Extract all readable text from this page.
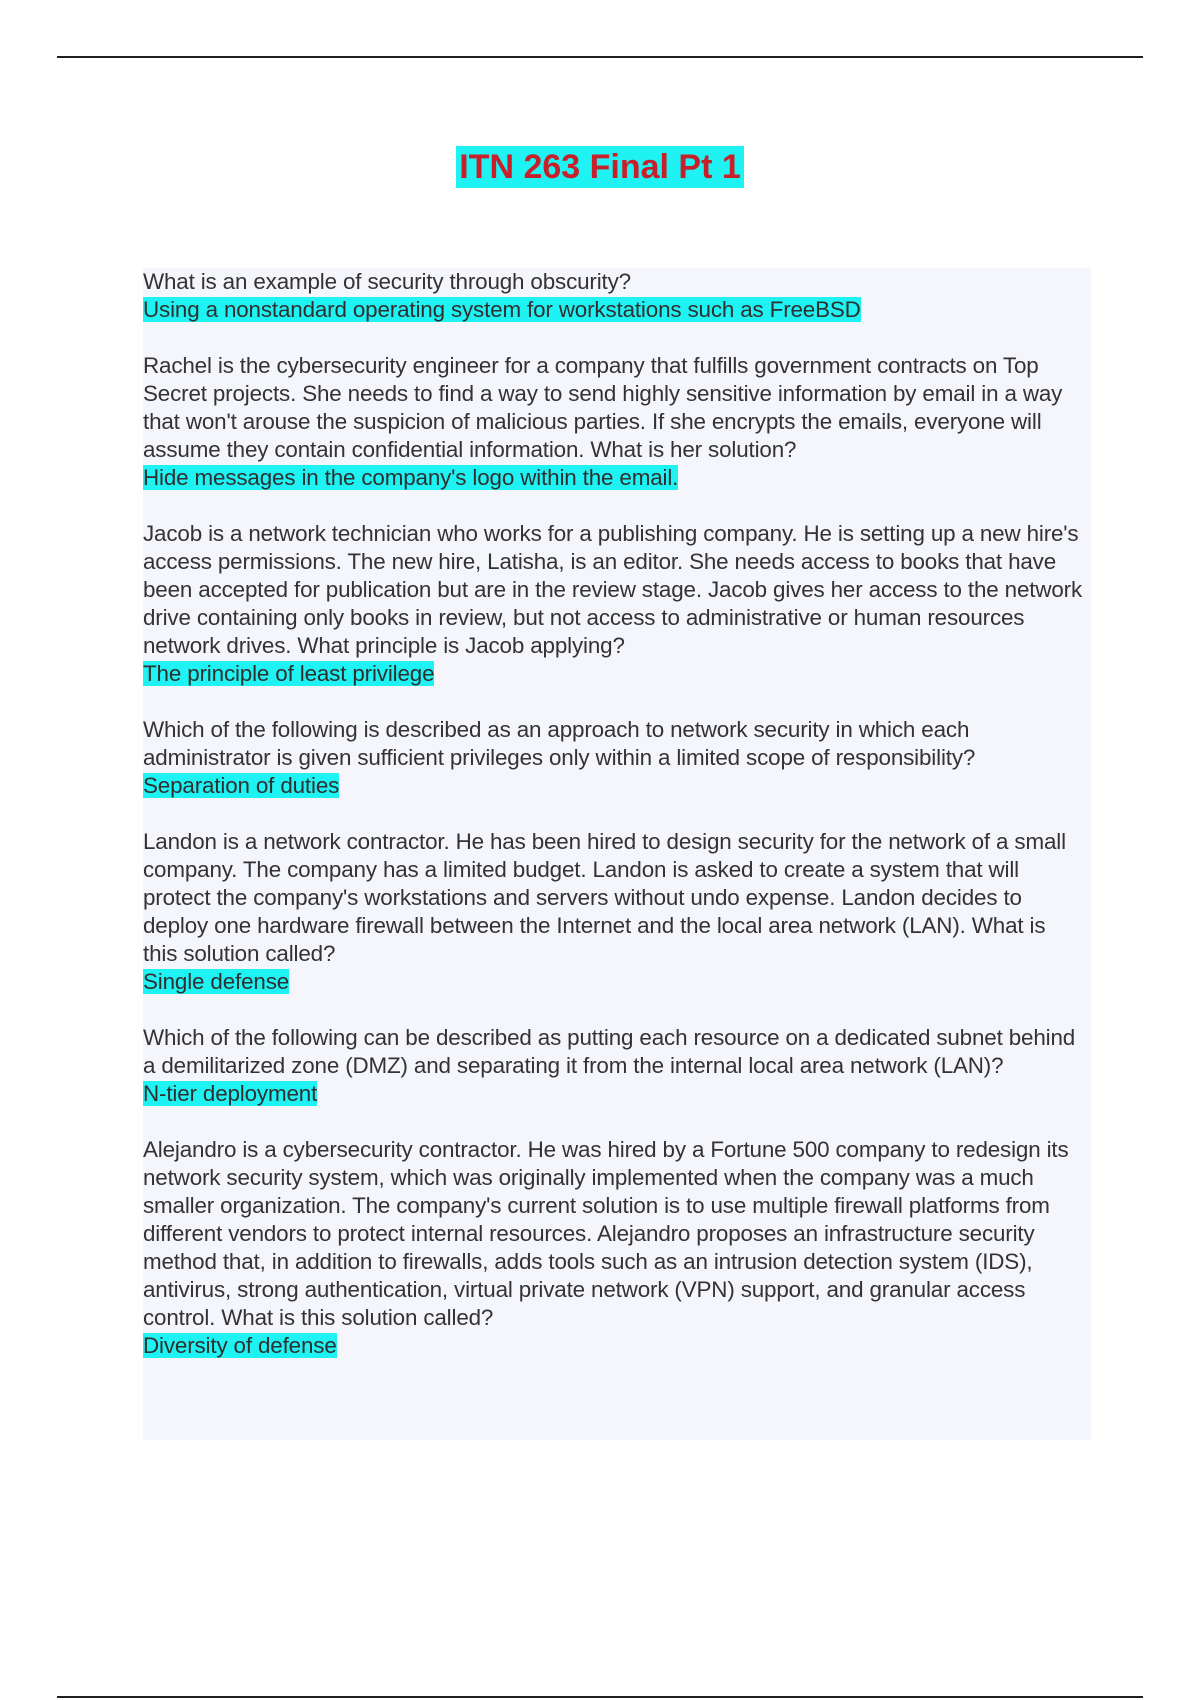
ITN 263 Final Pt 1
What is an example of security through obscurity?
Using a nonstandard operating system for workstations such as FreeBSD
Rachel is the cybersecurity engineer for a company that fulfills government contracts on Top Secret projects. She needs to find a way to send highly sensitive information by email in a way that won't arouse the suspicion of malicious parties. If she encrypts the emails, everyone will assume they contain confidential information. What is her solution?
Hide messages in the company's logo within the email.
Jacob is a network technician who works for a publishing company. He is setting up a new hire's access permissions. The new hire, Latisha, is an editor. She needs access to books that have been accepted for publication but are in the review stage. Jacob gives her access to the network drive containing only books in review, but not access to administrative or human resources network drives. What principle is Jacob applying?
The principle of least privilege
Which of the following is described as an approach to network security in which each administrator is given sufficient privileges only within a limited scope of responsibility?
Separation of duties
Landon is a network contractor. He has been hired to design security for the network of a small company. The company has a limited budget. Landon is asked to create a system that will protect the company's workstations and servers without undo expense. Landon decides to deploy one hardware firewall between the Internet and the local area network (LAN). What is this solution called?
Single defense
Which of the following can be described as putting each resource on a dedicated subnet behind a demilitarized zone (DMZ) and separating it from the internal local area network (LAN)?
N-tier deployment
Alejandro is a cybersecurity contractor. He was hired by a Fortune 500 company to redesign its network security system, which was originally implemented when the company was a much smaller organization. The company's current solution is to use multiple firewall platforms from different vendors to protect internal resources. Alejandro proposes an infrastructure security method that, in addition to firewalls, adds tools such as an intrusion detection system (IDS), antivirus, strong authentication, virtual private network (VPN) support, and granular access control. What is this solution called?
Diversity of defense
